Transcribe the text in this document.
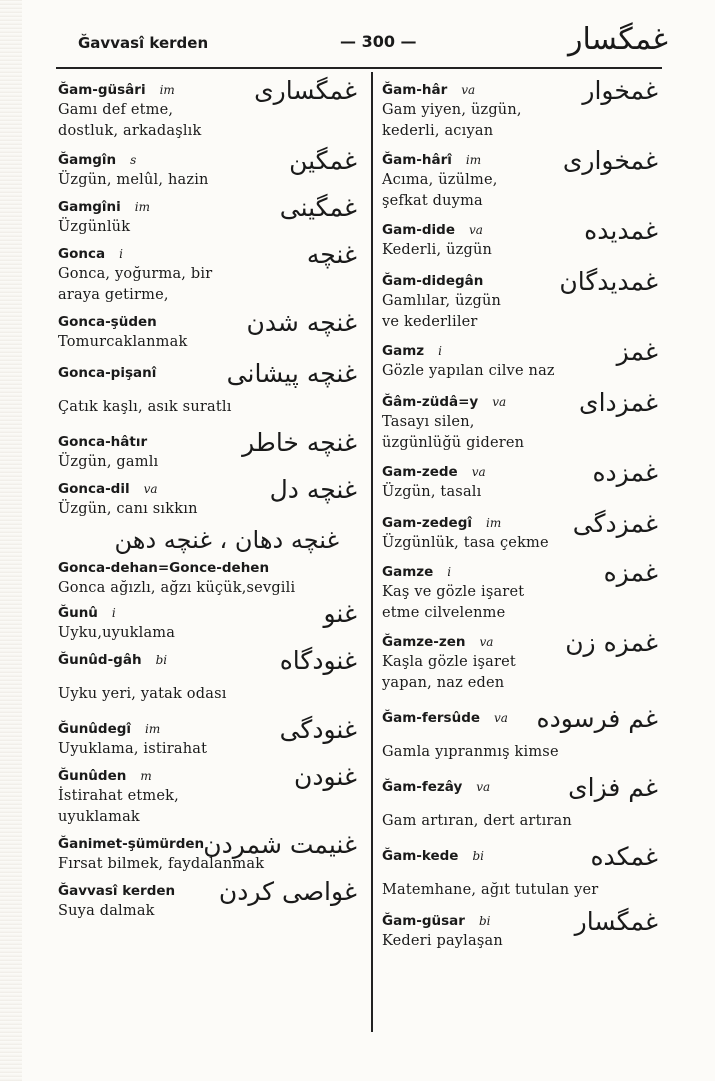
Ğavvasî kerden	— 300 —	غمگسار
Ğam-güsâri im
Gamı def etme,
dostluk, arkadaşlık
غمگساری
Ğamgîn s
Üzgün, melûl, hazin
غمگین
Gamgîni im
Üzgünlük
غمگینی
Gonca i
Gonca, yoğurma, bir
araya getirme,
غنچه
Gonca-şüden
Tomurcaklanmak
غنچه شدن
Gonca-pişanî
Çatık kaşlı, asık suratlı
غنچه پیشانی
Gonca-hâtır
Üzgün, gamlı
غنچه خاطر
Gonca-dil va
Üzgün, canı sıkkın
غنچه دل
غنچه دهان ، غنچه دهن
Gonca-dehan=Gonce-dehen
Gonca ağızlı, ağzı küçük,sevgili
Ğunû i
Uyku,uyuklama
غنو
Ğunûd-gâh bi
Uyku yeri, yatak odası
غنودگاه
Ğunûdegî im
Uyuklama, istirahat
غنودگی
Ğunûden m
İstirahat etmek,
uyuklamak
غنودن
Ğanimet-şümürden
Fırsat bilmek, faydalanmak
غنیمت شمردن
Ğavvasî kerden
Suya dalmak
غواصی کردن
Ğam-hâr va
Gam yiyen, üzgün,
kederli, acıyan
غمخوار
Ğam-hârî im
Acıma, üzülme,
şefkat duyma
غمخواری
Gam-dide va
Kederli, üzgün
غمدیده
Ğam-didegân
Gamlılar, üzgün
ve kederliler
غمدیدگان
Gamz i
Gözle yapılan cilve naz
غمز
Ğâm-züdâ=y va
Tasayı silen,
üzgünlüğü gideren
غمزدای
Gam-zede va
Üzgün, tasalı
غمزده
Gam-zedegî im
Üzgünlük, tasa çekme
غمزدگی
Gamze i
Kaş ve gözle işaret
etme cilvelenme
غمزه
Ğamze-zen va
Kaşla gözle işaret
yapan, naz eden
غمزه زن
Ğam-fersûde va
Gamla yıpranmış kimse
غم فرسوده
Ğam-fezây va
Gam artıran, dert artıran
غم فزای
Ğam-kede bi
Matemhane, ağıt tutulan yer
غمکده
Ğam-güsar bi
Kederi paylaşan
غمگسار
